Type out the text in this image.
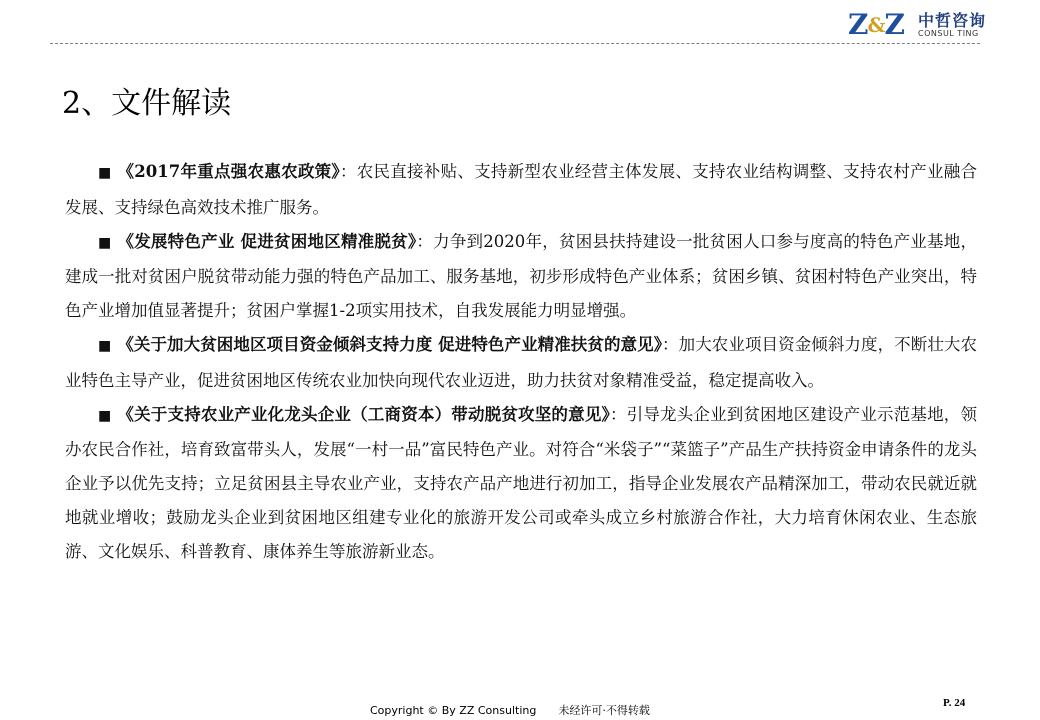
Z&Z 中哲咨询
CONSUL TING
2、文件解读

■ 《2017年重点强农惠农政策》：农民直接补贴、支持新型农业经营主体发展、支持农业结构调整、支持农村产业融合发展、支持绿色高效技术推广服务。

■ 《发展特色产业 促进贫困地区精准脱贫》：力争到2020年，贫困县扶持建设一批贫困人口参与度高的特色产业基地，建成一批对贫困户脱贫带动能力强的特色产品加工、服务基地，初步形成特色产业体系；贫困乡镇、贫困村特色产业突出，特色产业增加值显著提升；贫困户掌握1-2项实用技术，自我发展能力明显增强。

■ 《关于加大贫困地区项目资金倾斜支持力度 促进特色产业精准扶贫的意见》：加大农业项目资金倾斜力度，不断壮大农业特色主导产业，促进贫困地区传统农业加快向现代农业迈进，助力扶贫对象精准受益，稳定提高收入。

■ 《关于支持农业产业化龙头企业（工商资本）带动脱贫攻坚的意见》：引导龙头企业到贫困地区建设产业示范基地，领办农民合作社，培育致富带头人，发展“一村一品”富民特色产业。对符合“米袋子”“菜篮子”产品生产扶持资金申请条件的龙头企业予以优先支持；立足贫困县主导农业产业，支持农产品产地进行初加工，指导企业发展农产品精深加工，带动农民就近就地就业增收；鼓励龙头企业到贫困地区组建专业化的旅游开发公司或牵头成立乡村旅游合作社，大力培育休闲农业、生态旅游、文化娱乐、科普教育、康体养生等旅游新业态。

Copyright © By ZZ Consulting 未经许可·不得转载
P. 24
